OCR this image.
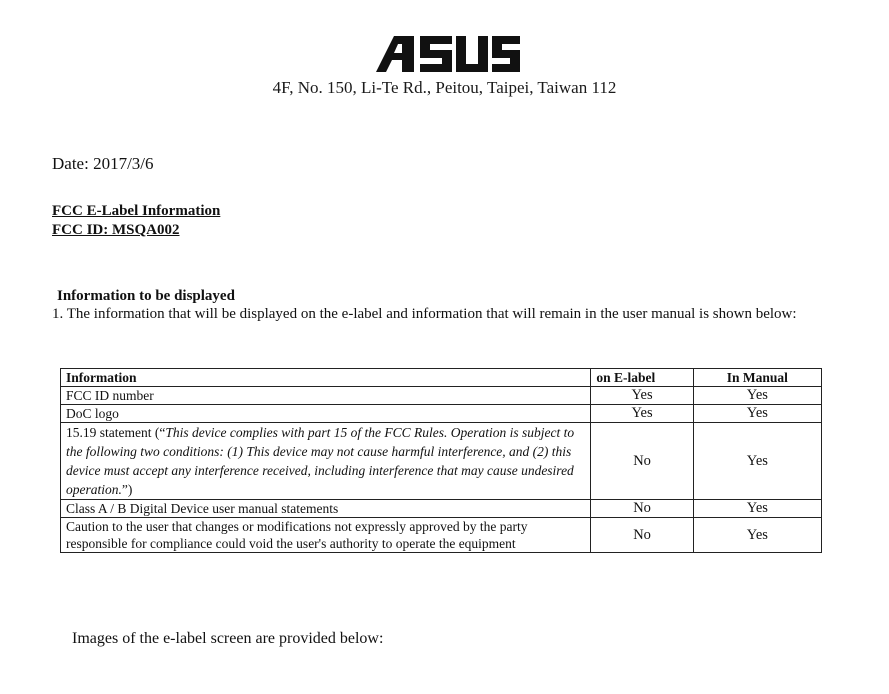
4F, No. 150, Li-Te Rd., Peitou, Taipei, Taiwan 112
Date: 2017/3/6
FCC E-Label Information
FCC ID: MSQA002
Information to be displayed
1. The information that will be displayed on the e-label and information that will remain in the user manual is shown below:
Information	on E-label	In Manual
FCC ID number	Yes	Yes
DoC logo	Yes	Yes
15.19 statement (“This device complies with part 15 of the FCC Rules. Operation is subject to the following two conditions: (1) This device may not cause harmful interference, and (2) this device must accept any interference received, including interference that may cause undesired operation.”)	No	Yes
Class A / B Digital Device user manual statements	No	Yes
Caution to the user that changes or modifications not expressly approved by the party responsible for compliance could void the user's authority to operate the equipment	No	Yes
Images of the e-label screen are provided below:
